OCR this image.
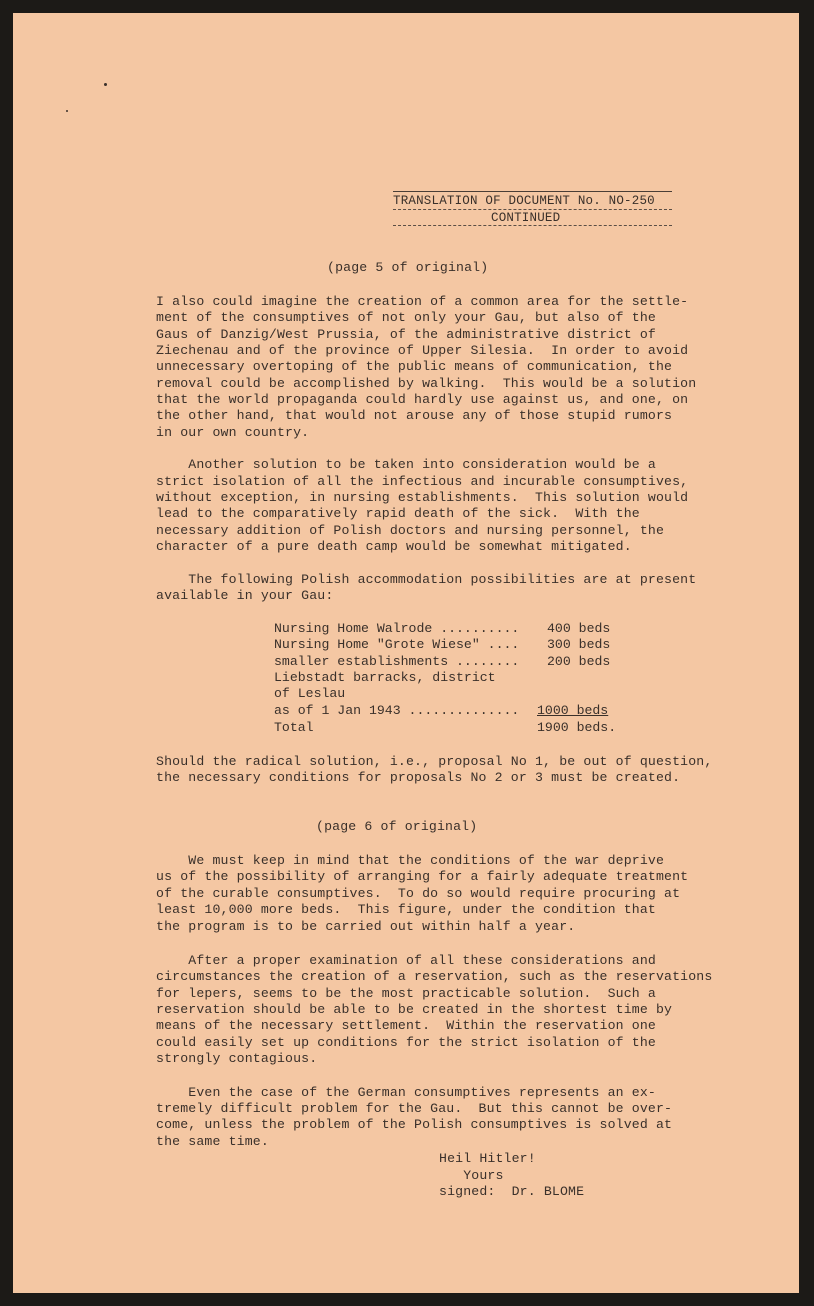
TRANSLATION OF DOCUMENT No. NO-250
CONTINUED
(page 5 of original)
I also could imagine the creation of a common area for the settle-
ment of the consumptives of not only your Gau, but also of the
Gaus of Danzig/West Prussia, of the administrative district of
Ziechenau and of the province of Upper Silesia.  In order to avoid
unnecessary overtoping of the public means of communication, the
removal could be accomplished by walking.  This would be a solution
that the world propaganda could hardly use against us, and one, on
the other hand, that would not arouse any of those stupid rumors
in our own country.
Another solution to be taken into consideration would be a
strict isolation of all the infectious and incurable consumptives,
without exception, in nursing establishments.  This solution would
lead to the comparatively rapid death of the sick.  With the
necessary addition of Polish doctors and nursing personnel, the
character of a pure death camp would be somewhat mitigated.
The following Polish accommodation possibilities are at present
available in your Gau:
Nursing Home Walrode .......... 400 beds
Nursing Home "Grote Wiese" .... 300 beds
smaller establishments ........ 200 beds
Liebstadt barracks, district
of Leslau
as of 1 Jan 1943 .............. 1000 beds
Total	1900 beds.
Should the radical solution, i.e., proposal No 1, be out of question,
the necessary conditions for proposals No 2 or 3 must be created.
(page 6 of original)
We must keep in mind that the conditions of the war deprive
us of the possibility of arranging for a fairly adequate treatment
of the curable consumptives.  To do so would require procuring at
least 10,000 more beds.  This figure, under the condition that
the program is to be carried out within half a year.
After a proper examination of all these considerations and
circumstances the creation of a reservation, such as the reservations
for lepers, seems to be the most practicable solution.  Such a
reservation should be able to be created in the shortest time by
means of the necessary settlement.  Within the reservation one
could easily set up conditions for the strict isolation of the
strongly contagious.
Even the case of the German consumptives represents an ex-
tremely difficult problem for the Gau.  But this cannot be over-
come, unless the problem of the Polish consumptives is solved at
the same time.
Heil Hitler!
Yours
signed:  Dr. BLOME
